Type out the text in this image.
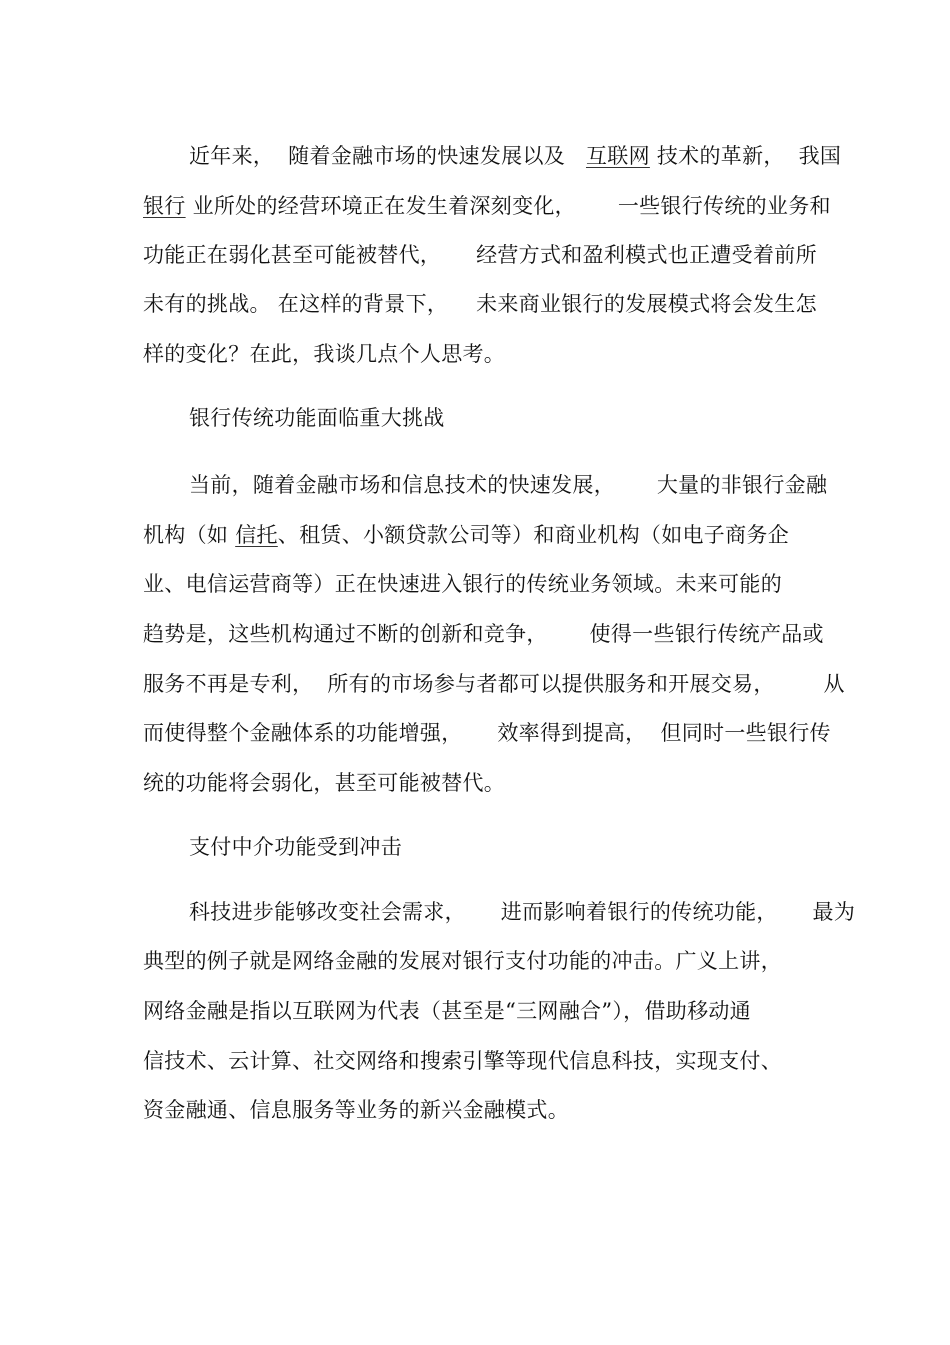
近年来，  随着金融市场的快速发展以及   互联网 技术的革新，  我国
银行 业所处的经营环境正在发生着深刻变化，      一些银行传统的业务和
功能正在弱化甚至可能被替代，     经营方式和盈利模式也正遭受着前所
未有的挑战。 在这样的背景下，    未来商业银行的发展模式将会发生怎
样的变化？在此，我谈几点个人思考。
银行传统功能面临重大挑战
当前，随着金融市场和信息技术的快速发展，      大量的非银行金融
机构（如 信托、租赁、小额贷款公司等）和商业机构（如电子商务企
业、电信运营商等）正在快速进入银行的传统业务领域。未来可能的
趋势是，这些机构通过不断的创新和竞争，      使得一些银行传统产品或
服务不再是专利，  所有的市场参与者都可以提供服务和开展交易，       从
而使得整个金融体系的功能增强，     效率得到提高，  但同时一些银行传
统的功能将会弱化，甚至可能被替代。
支付中介功能受到冲击
科技进步能够改变社会需求，     进而影响着银行的传统功能，     最为
典型的例子就是网络金融的发展对银行支付功能的冲击。广义上讲，
网络金融是指以互联网为代表（甚至是“三网融合”），借助移动通
信技术、云计算、社交网络和搜索引擎等现代信息科技，实现支付、
资金融通、信息服务等业务的新兴金融模式。
